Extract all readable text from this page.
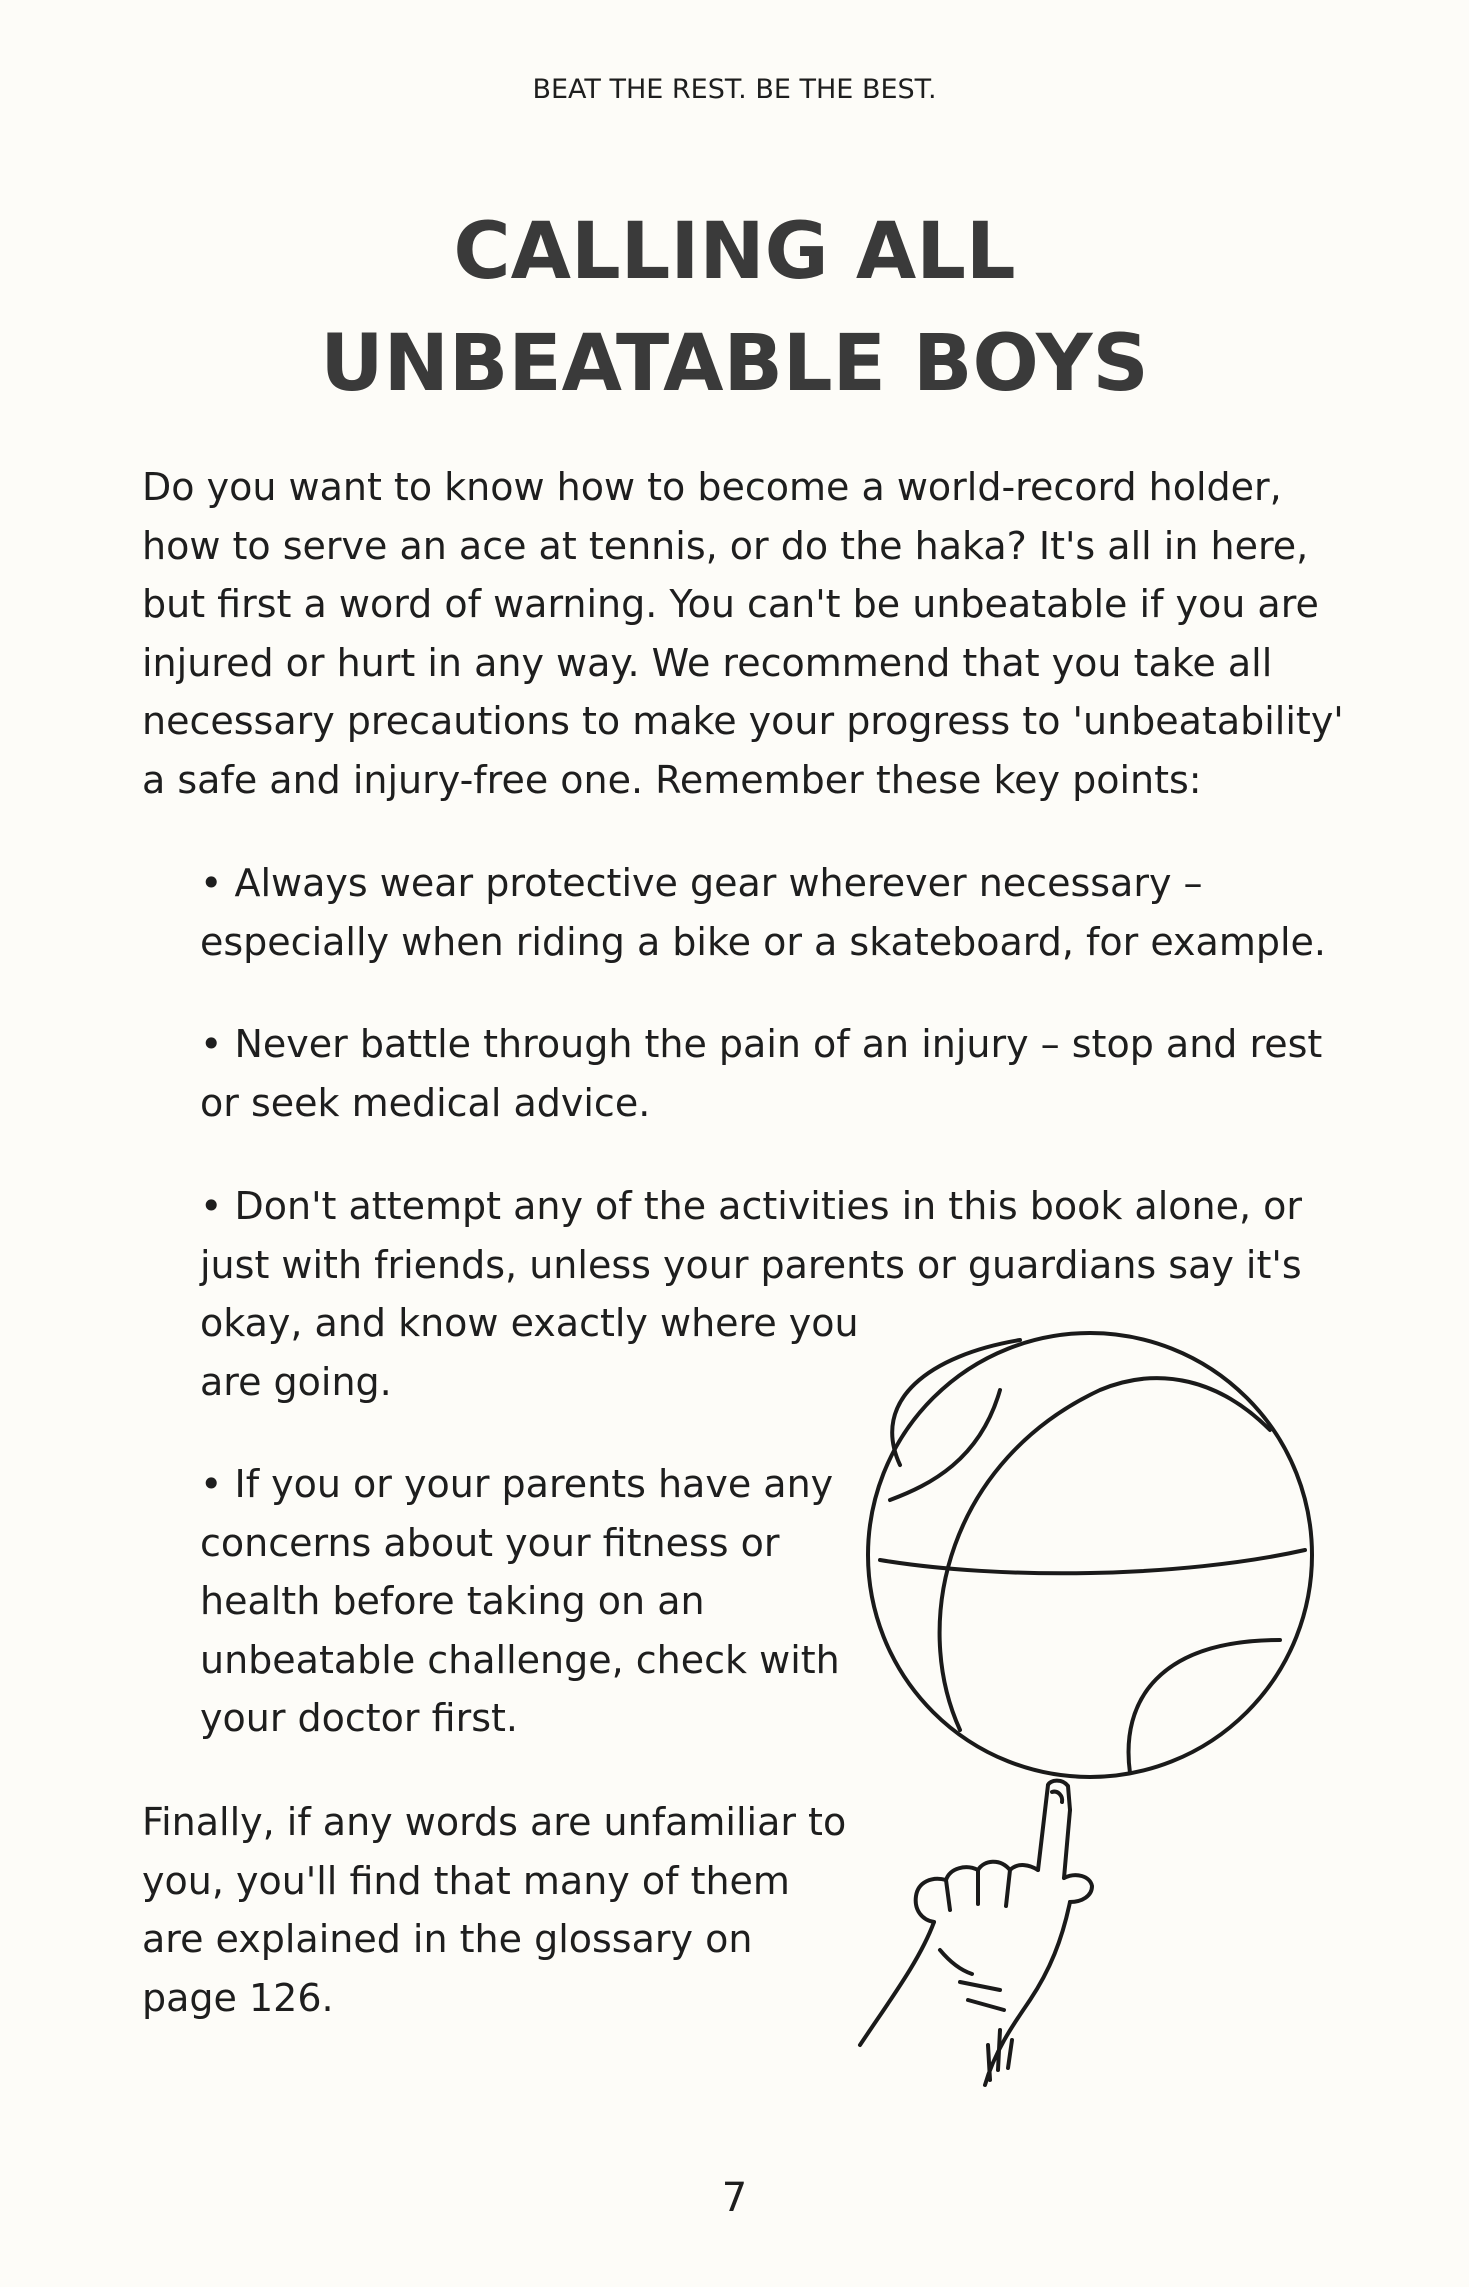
BEAT THE REST. BE THE BEST.
CALLING ALL
UNBEATABLE BOYS
Do you want to know how to become a world-record holder,
how to serve an ace at tennis, or do the haka? It's all in here,
but first a word of warning. You can't be unbeatable if you are
injured or hurt in any way. We recommend that you take all
necessary precautions to make your progress to 'unbeatability'
a safe and injury-free one. Remember these key points:
• Always wear protective gear wherever necessary –
especially when riding a bike or a skateboard, for example.
• Never battle through the pain of an injury – stop and rest
or seek medical advice.
• Don't attempt any of the activities in this book alone, or
just with friends, unless your parents or guardians say it's
okay, and know exactly where you
are going.
• If you or your parents have any
concerns about your fitness or
health before taking on an
unbeatable challenge, check with
your doctor first.
Finally, if any words are unfamiliar to
you, you'll find that many of them
are explained in the glossary on
page 126.
7
